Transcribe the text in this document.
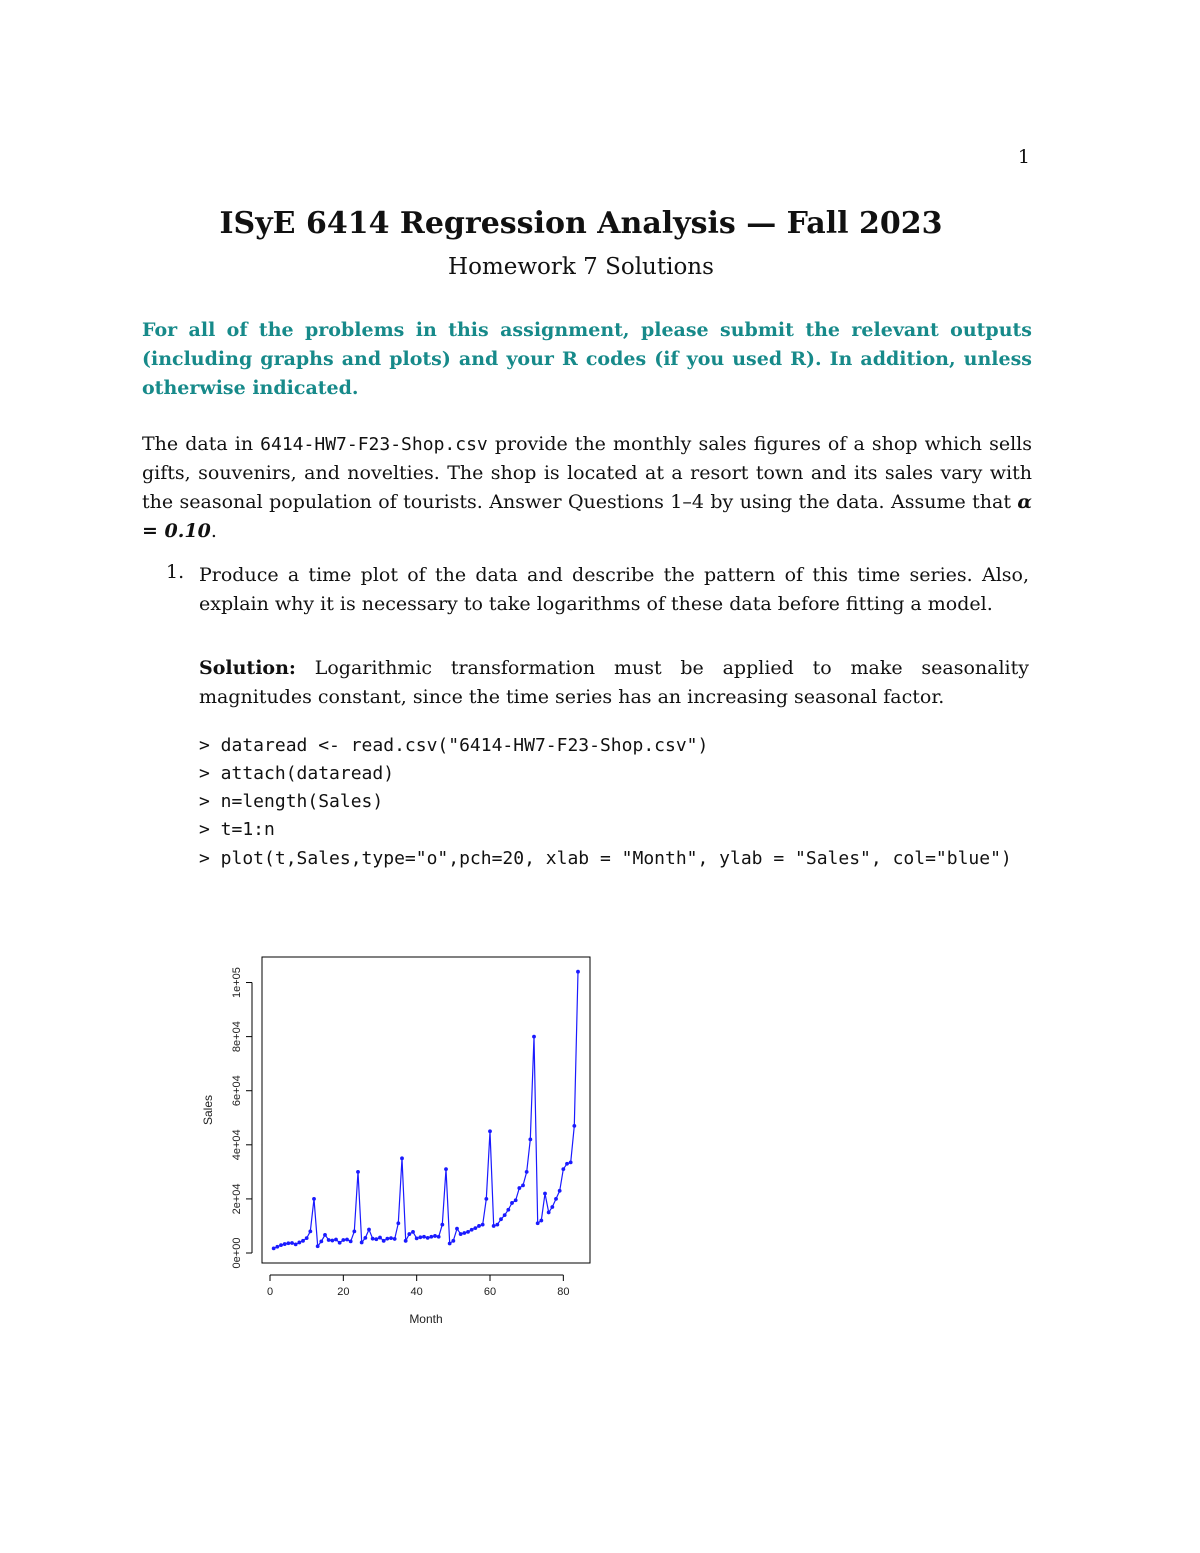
1
ISyE 6414 Regression Analysis — Fall 2023
Homework 7 Solutions
For all of the problems in this assignment, please submit the relevant outputs (including graphs and plots) and your R codes (if you used R). In addition, unless otherwise indicated.
The data in 6414-HW7-F23-Shop.csv provide the monthly sales figures of a shop which sells gifts, souvenirs, and novelties. The shop is located at a resort town and its sales vary with the seasonal population of tourists. Answer Questions 1–4 by using the data. Assume that α = 0.10.
1. Produce a time plot of the data and describe the pattern of this time series. Also, explain why it is necessary to take logarithms of these data before fitting a model.
Solution: Logarithmic transformation must be applied to make seasonality magnitudes constant, since the time series has an increasing seasonal factor.
> dataread <- read.csv("6414-HW7-F23-Shop.csv")
> attach(dataread)
> n=length(Sales)
> t=1:n
> plot(t,Sales,type="o",pch=20, xlab = "Month", ylab = "Sales", col="blue")
0	20	40	60	80
0e+00
2e+04
4e+04
6e+04
8e+04
1e+05
Month
Sales
